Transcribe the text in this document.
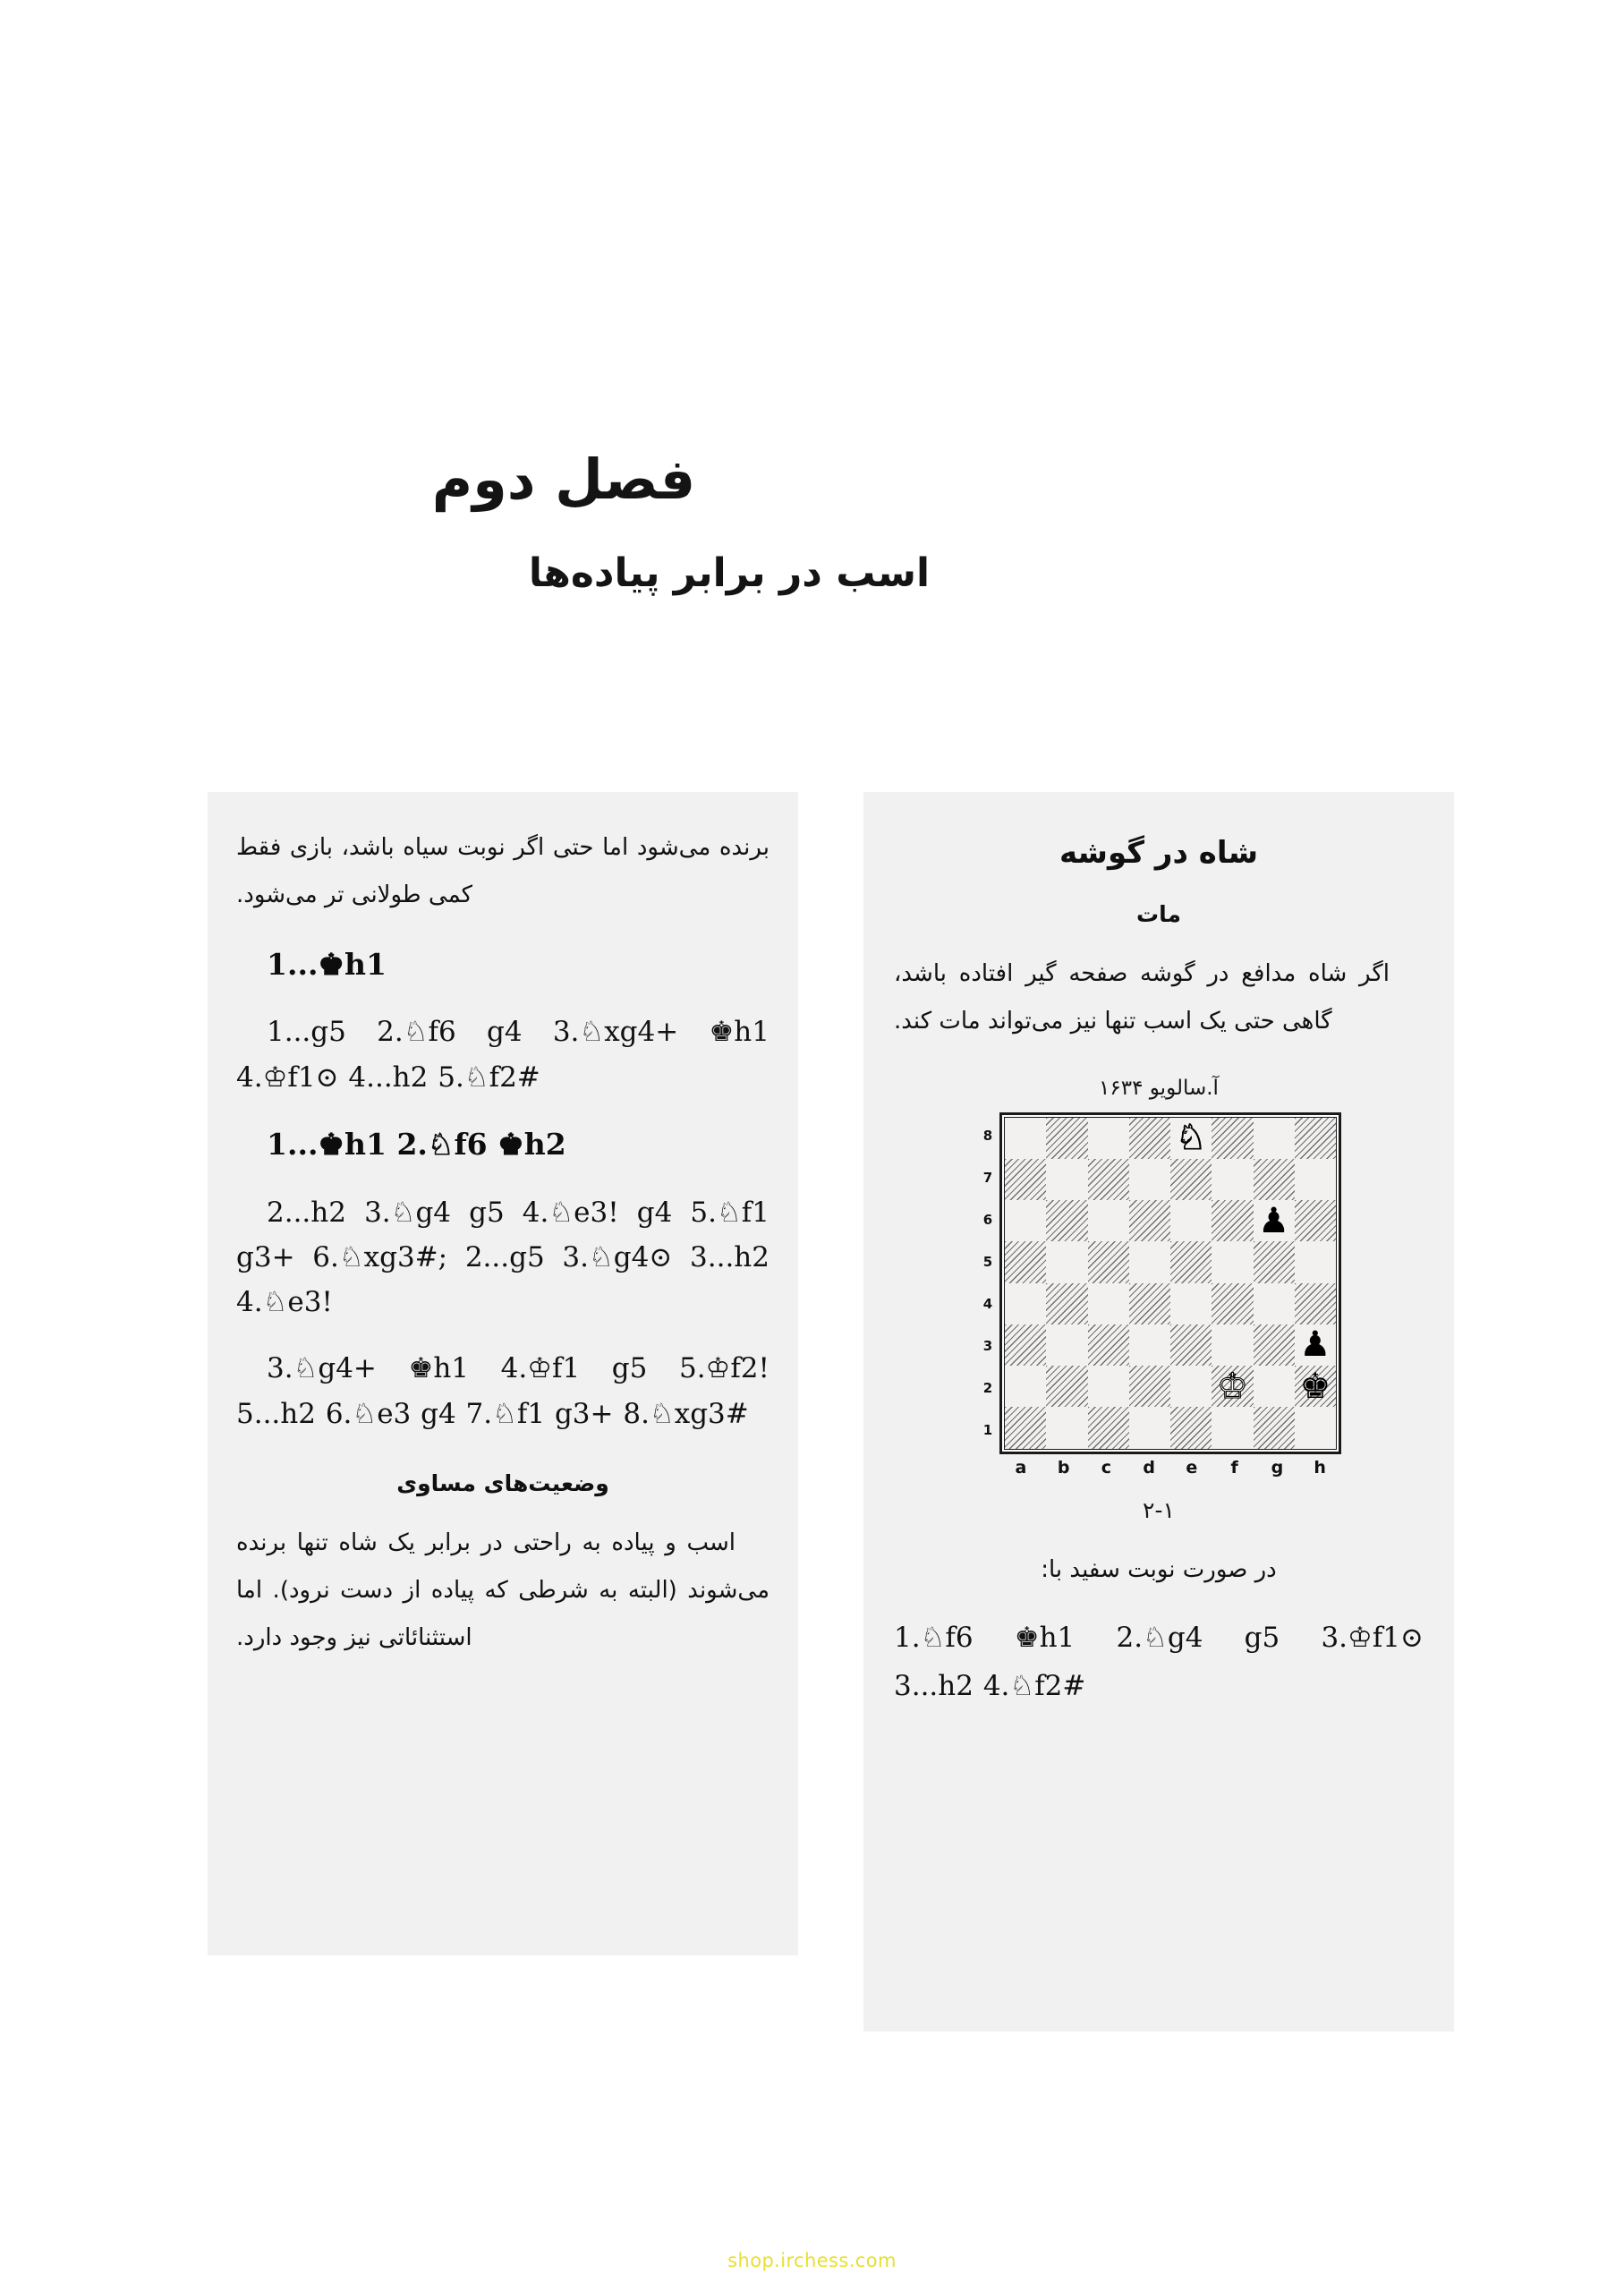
فصل دوم
اسب در برابر پیاده‌ها
شاه در گوشه
مات
اگر شاه مدافع در گوشه صفحه گیر افتاده باشد، گاهی حتی یک اسب تنها نیز می‌تواند مات کند.
آ.سالویو ۱۶۳۴
8
7
6
5
4
3
2
1
♘
♟
♟
♔ ♚
a	b	c	d	e	f	g	h
۲-۱
در صورت نوبت سفید با:
1.♘f6 ♚h1 2.♘g4 g5 3.♔f1⊙
3...h2 4.♘f2#
برنده می‌شود اما حتی اگر نوبت سیاه باشد، بازی فقط کمی طولانی تر می‌شود.
1...♚h1
1...g5 2.♘f6 g4 3.♘xg4+ ♚h1 4.♔f1⊙ 4...h2 5.♘f2#
1...♚h1 2.♘f6 ♚h2
2...h2 3.♘g4 g5 4.♘e3! g4 5.♘f1 g3+ 6.♘xg3#; 2...g5 3.♘g4⊙ 3...h2 4.♘e3!
3.♘g4+ ♚h1 4.♔f1 g5 5.♔f2! 5...h2 6.♘e3 g4 7.♘f1 g3+ 8.♘xg3#
وضعیت‌های مساوی
اسب و پیاده به راحتی در برابر یک شاه تنها برنده می‌شوند (البته به شرطی که پیاده از دست نرود). اما استثنائاتی نیز وجود دارد.
shop.irchess.com
